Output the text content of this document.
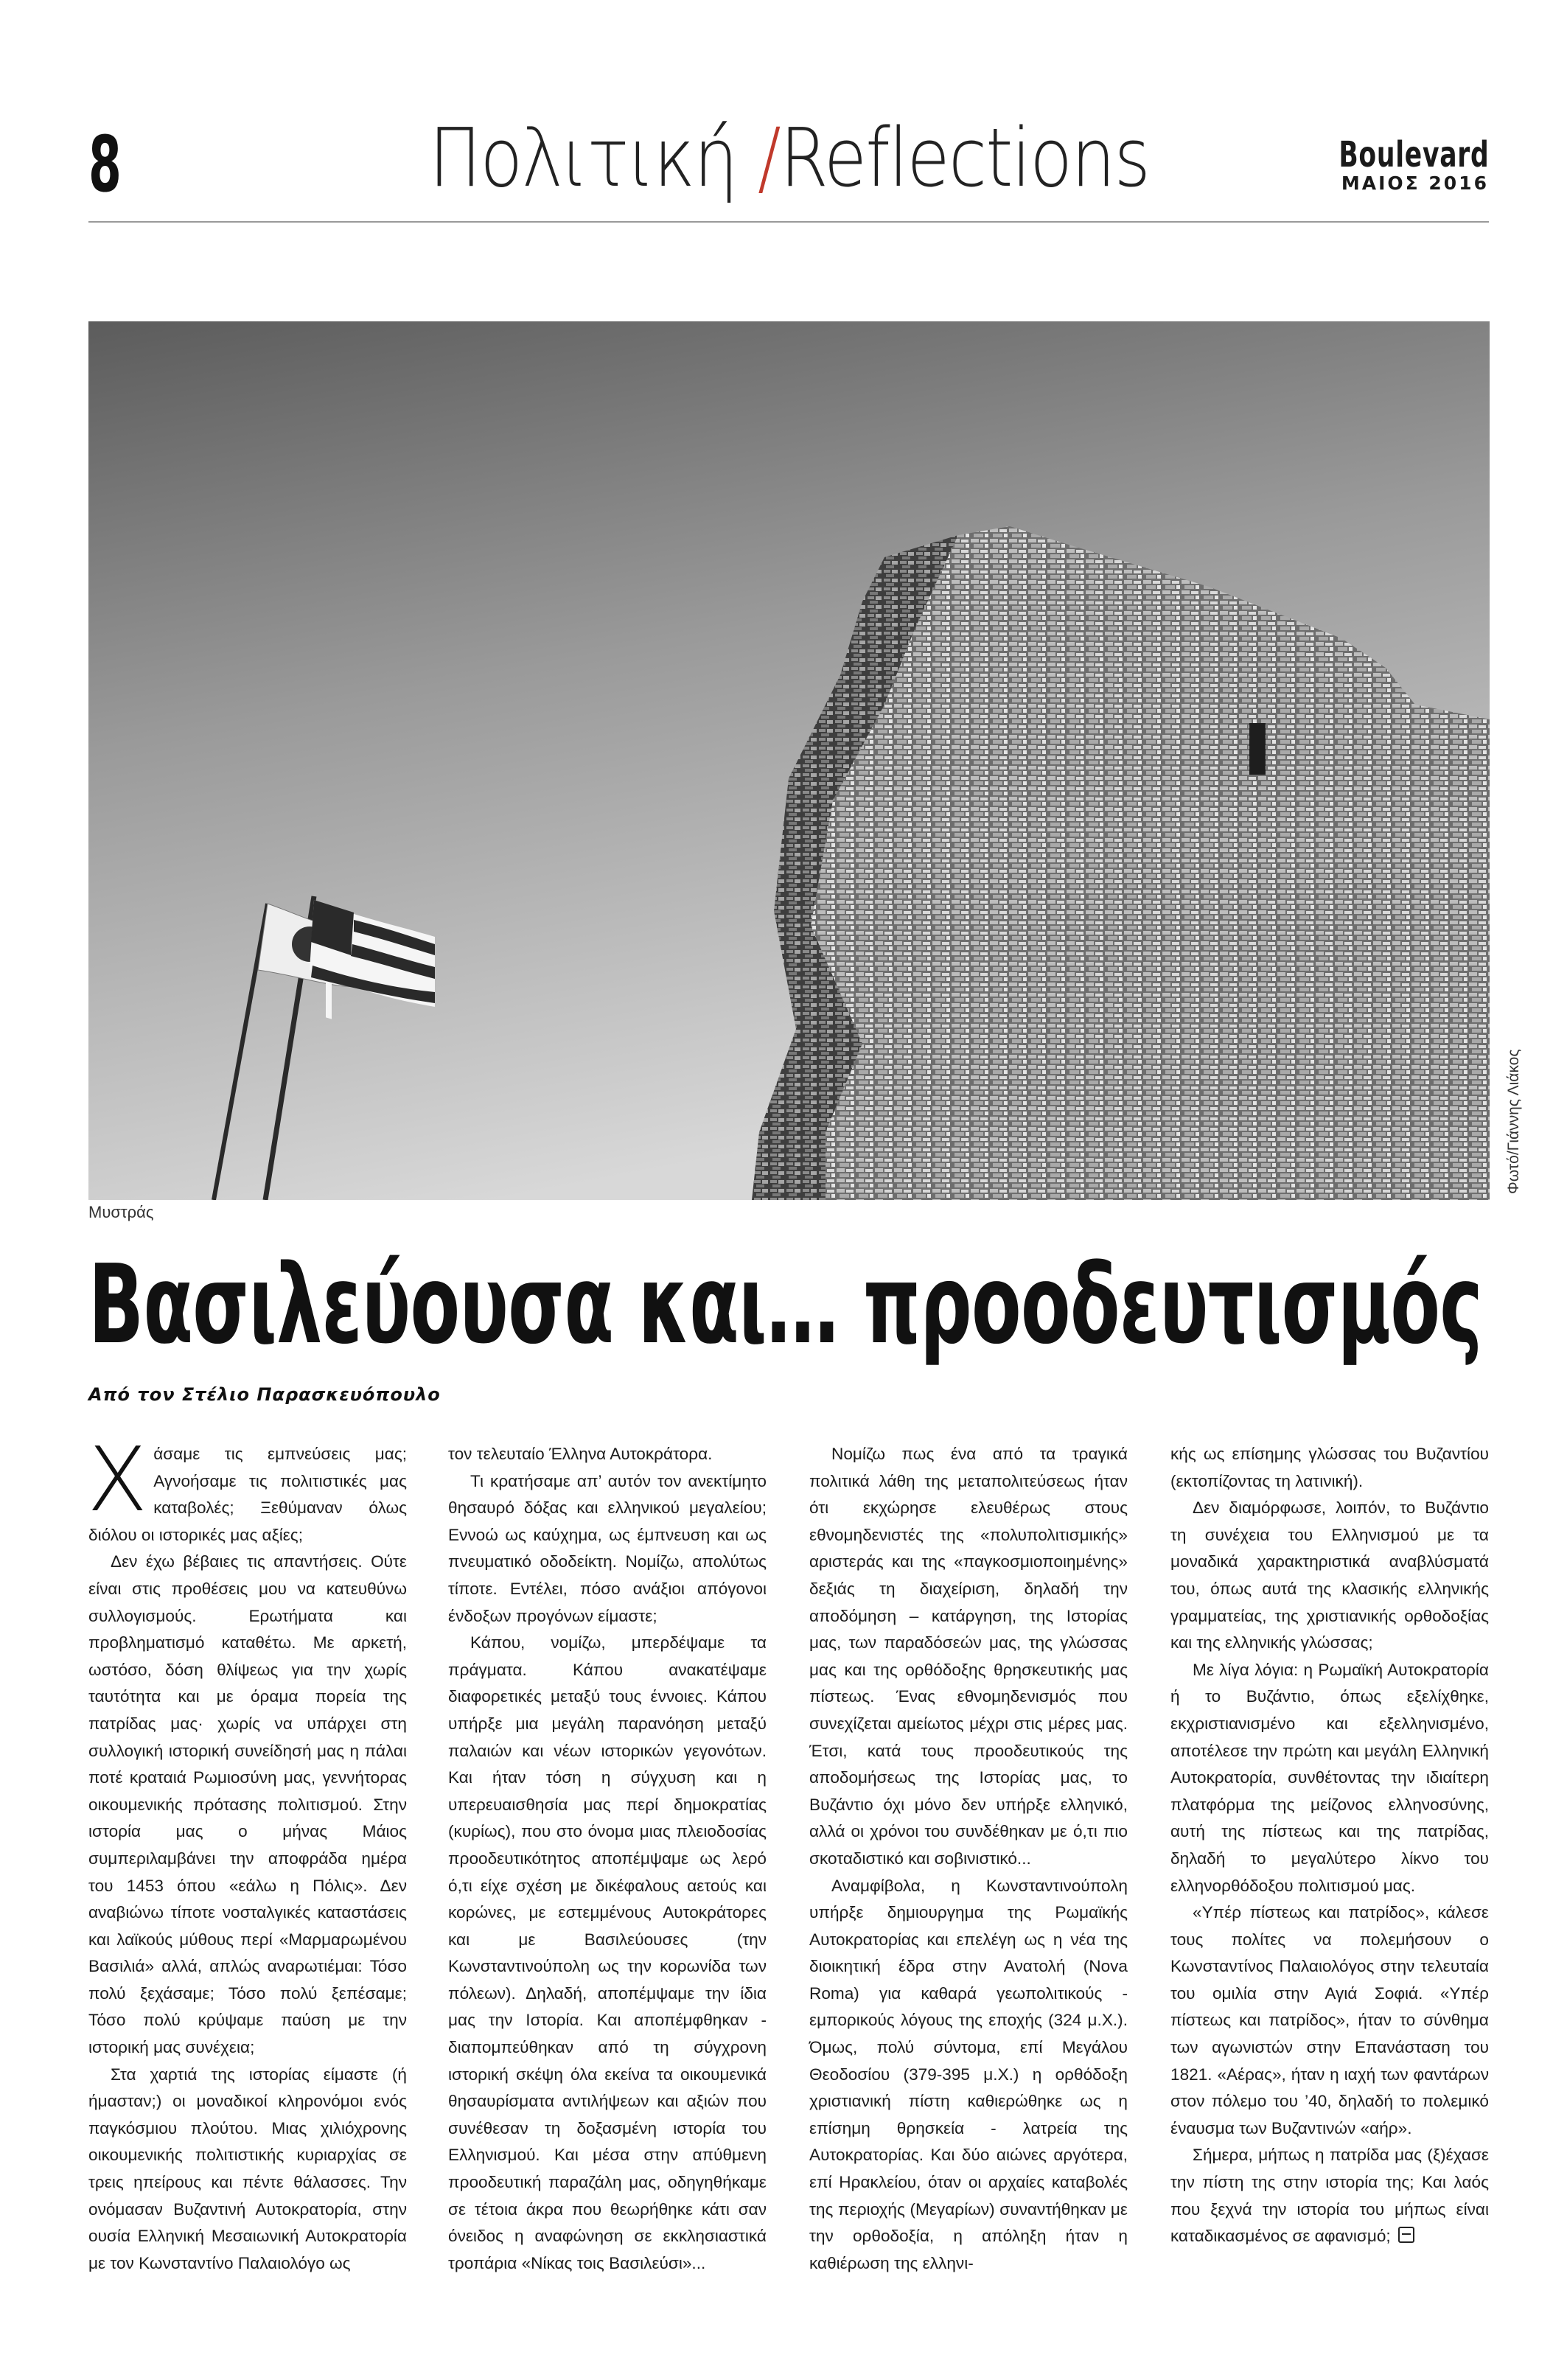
8	Πολιτική /Reflections	Boulevard
ΜΑΙΟΣ 2016
Μυστράς
Φωτό/Γιάννης Λιάκος
Βασιλεύουσα και… προοδευτισμός
Από τον Στέλιο Παρασκευόπουλο

Χάσαμε τις εμπνεύσεις μας; Αγνοήσαμε τις πολιτιστικές μας καταβολές; Ξεθύμαναν όλως διόλου οι ιστορικές μας αξίες;

Δεν έχω βέβαιες τις απαντήσεις. Ούτε είναι στις προθέσεις μου να κατευθύνω συλλογισμούς. Ερωτήματα και προβληματισμό καταθέτω. Με αρκετή, ωστόσο, δόση θλίψεως για την χωρίς ταυτότητα και με όραμα πορεία της πατρίδας μας· χωρίς να υπάρχει στη συλλογική ιστορική συνείδησή μας η πάλαι ποτέ κραταιά Ρωμιοσύνη μας, γεννήτορας οικουμενικής πρότασης πολιτισμού. Στην ιστορία μας ο μήνας Μάιος συμπεριλαμβάνει την αποφράδα ημέρα του 1453 όπου «εάλω η Πόλις». Δεν αναβιώνω τίποτε νοσταλγικές καταστάσεις και λαϊκούς μύθους περί «Μαρμαρωμένου Βασιλιά» αλλά, απλώς αναρωτιέμαι: Τόσο πολύ ξεχάσαμε; Τόσο πολύ ξεπέσαμε; Τόσο πολύ κρύψαμε παύση με την ιστορική μας συνέχεια;

Στα χαρτιά της ιστορίας είμαστε (ή ήμασταν;) οι μοναδικοί κληρονόμοι ενός παγκόσμιου πλούτου. Μιας χιλιόχρονης οικουμενικής πολιτιστικής κυριαρχίας σε τρεις ηπείρους και πέντε θάλασσες. Την ονόμασαν Βυζαντινή Αυτοκρατορία, στην ουσία Ελληνική Μεσαιωνική Αυτοκρατορία με τον Κωνσταντίνο Παλαιολόγο ως

τον τελευταίο Έλληνα Αυτοκράτορα.

Τι κρατήσαμε απ’ αυτόν τον ανεκτίμητο θησαυρό δόξας και ελληνικού μεγαλείου; Εννοώ ως καύχημα, ως έμπνευση και ως πνευματικό οδοδείκτη. Νομίζω, απολύτως τίποτε. Εντέλει, πόσο ανάξιοι απόγονοι ένδοξων προγόνων είμαστε;

Κάπου, νομίζω, μπερδέψαμε τα πράγματα. Κάπου ανακατέψαμε διαφορετικές μεταξύ τους έννοιες. Κάπου υπήρξε μια μεγάλη παρανόηση μεταξύ παλαιών και νέων ιστορικών γεγονότων. Και ήταν τόση η σύγχυση και η υπερευαισθησία μας περί δημοκρατίας (κυρίως), που στο όνομα μιας πλειοδοσίας προοδευτικότητος αποπέμψαμε ως λερό ό,τι είχε σχέση με δικέφαλους αετούς και κορώνες, με εστεμμένους Αυτοκράτορες και με Βασιλεύουσες (την Κωνσταντινούπολη ως την κορωνίδα των πόλεων). Δηλαδή, αποπέμψαμε την ίδια μας την Ιστορία. Και αποπέμφθηκαν - διαπομπεύθηκαν από τη σύγχρονη ιστορική σκέψη όλα εκείνα τα οικουμενικά θησαυρίσματα αντιλήψεων και αξιών που συνέθεσαν τη δοξασμένη ιστορία του Ελληνισμού. Και μέσα στην απύθμενη προοδευτική παραζάλη μας, οδηγηθήκαμε σε τέτοια άκρα που θεωρήθηκε κάτι σαν όνειδος η αναφώνηση σε εκκλησιαστικά τροπάρια «Νίκας τοις Βασιλεύσι»...

Νομίζω πως ένα από τα τραγικά πολιτικά λάθη της μεταπολιτεύσεως ήταν ότι εκχώρησε ελευθέρως στους εθνομηδενιστές της «πολυπολιτισμικής» αριστεράς και της «παγκοσμιοποιημένης» δεξιάς τη διαχείριση, δηλαδή την αποδόμηση – κατάργηση, της Ιστορίας μας, των παραδόσεών μας, της γλώσσας μας και της ορθόδοξης θρησκευτικής μας πίστεως. Ένας εθνομηδενισμός που συνεχίζεται αμείωτος μέχρι στις μέρες μας. Έτσι, κατά τους προοδευτικούς της αποδομήσεως της Ιστορίας μας, το Βυζάντιο όχι μόνο δεν υπήρξε ελληνικό, αλλά οι χρόνοι του συνδέθηκαν με ό,τι πιο σκοταδιστικό και σοβινιστικό...

Αναμφίβολα, η Κωνσταντινούπολη υπήρξε δημιουργημα της Ρωμαϊκής Αυτοκρατορίας και επελέγη ως η νέα της διοικητική έδρα στην Ανατολή (Nova Roma) για καθαρά γεωπολιτικούς - εμπορικούς λόγους της εποχής (324 μ.Χ.). Όμως, πολύ σύντομα, επί Μεγάλου Θεοδοσίου (379-395 μ.Χ.) η ορθόδοξη χριστιανική πίστη καθιερώθηκε ως η επίσημη θρησκεία - λατρεία της Αυτοκρατορίας. Και δύο αιώνες αργότερα, επί Ηρακλείου, όταν οι αρχαίες καταβολές της περιοχής (Μεγαρίων) συναντήθηκαν με την ορθοδοξία, η απόληξη ήταν η καθιέρωση της ελληνι-

κής ως επίσημης γλώσσας του Βυζαντίου (εκτοπίζοντας τη λατινική).

Δεν διαμόρφωσε, λοιπόν, το Βυζάντιο τη συνέχεια του Ελληνισμού με τα μοναδικά χαρακτηριστικά αναβλύσματά του, όπως αυτά της κλασικής ελληνικής γραμματείας, της χριστιανικής ορθοδοξίας και της ελληνικής γλώσσας;

Με λίγα λόγια: η Ρωμαϊκή Αυτοκρατορία ή το Βυζάντιο, όπως εξελίχθηκε, εκχριστιανισμένο και εξελληνισμένο, αποτέλεσε την πρώτη και μεγάλη Ελληνική Αυτοκρατορία, συνθέτοντας την ιδιαίτερη πλατφόρμα της μείζονος ελληνοσύνης, αυτή της πίστεως και της πατρίδας, δηλαδή το μεγαλύτερο λίκνο του ελληνορθόδοξου πολιτισμού μας.

«Υπέρ πίστεως και πατρίδος», κάλεσε τους πολίτες να πολεμήσουν ο Κωνσταντίνος Παλαιολόγος στην τελευταία του ομιλία στην Αγιά Σοφιά. «Υπέρ πίστεως και πατρίδος», ήταν το σύνθημα των αγωνιστών στην Επανάσταση του 1821. «Αέρας», ήταν η ιαχή των φαντάρων στον πόλεμο του ’40, δηλαδή το πολεμικό έναυσμα των Βυζαντινών «αήρ».

Σήμερα, μήπως η πατρίδα μας (ξ)έχασε την πίστη της στην ιστορία της; Και λαός που ξεχνά την ιστορία του μήπως είναι καταδικασμένος σε αφανισμό;
